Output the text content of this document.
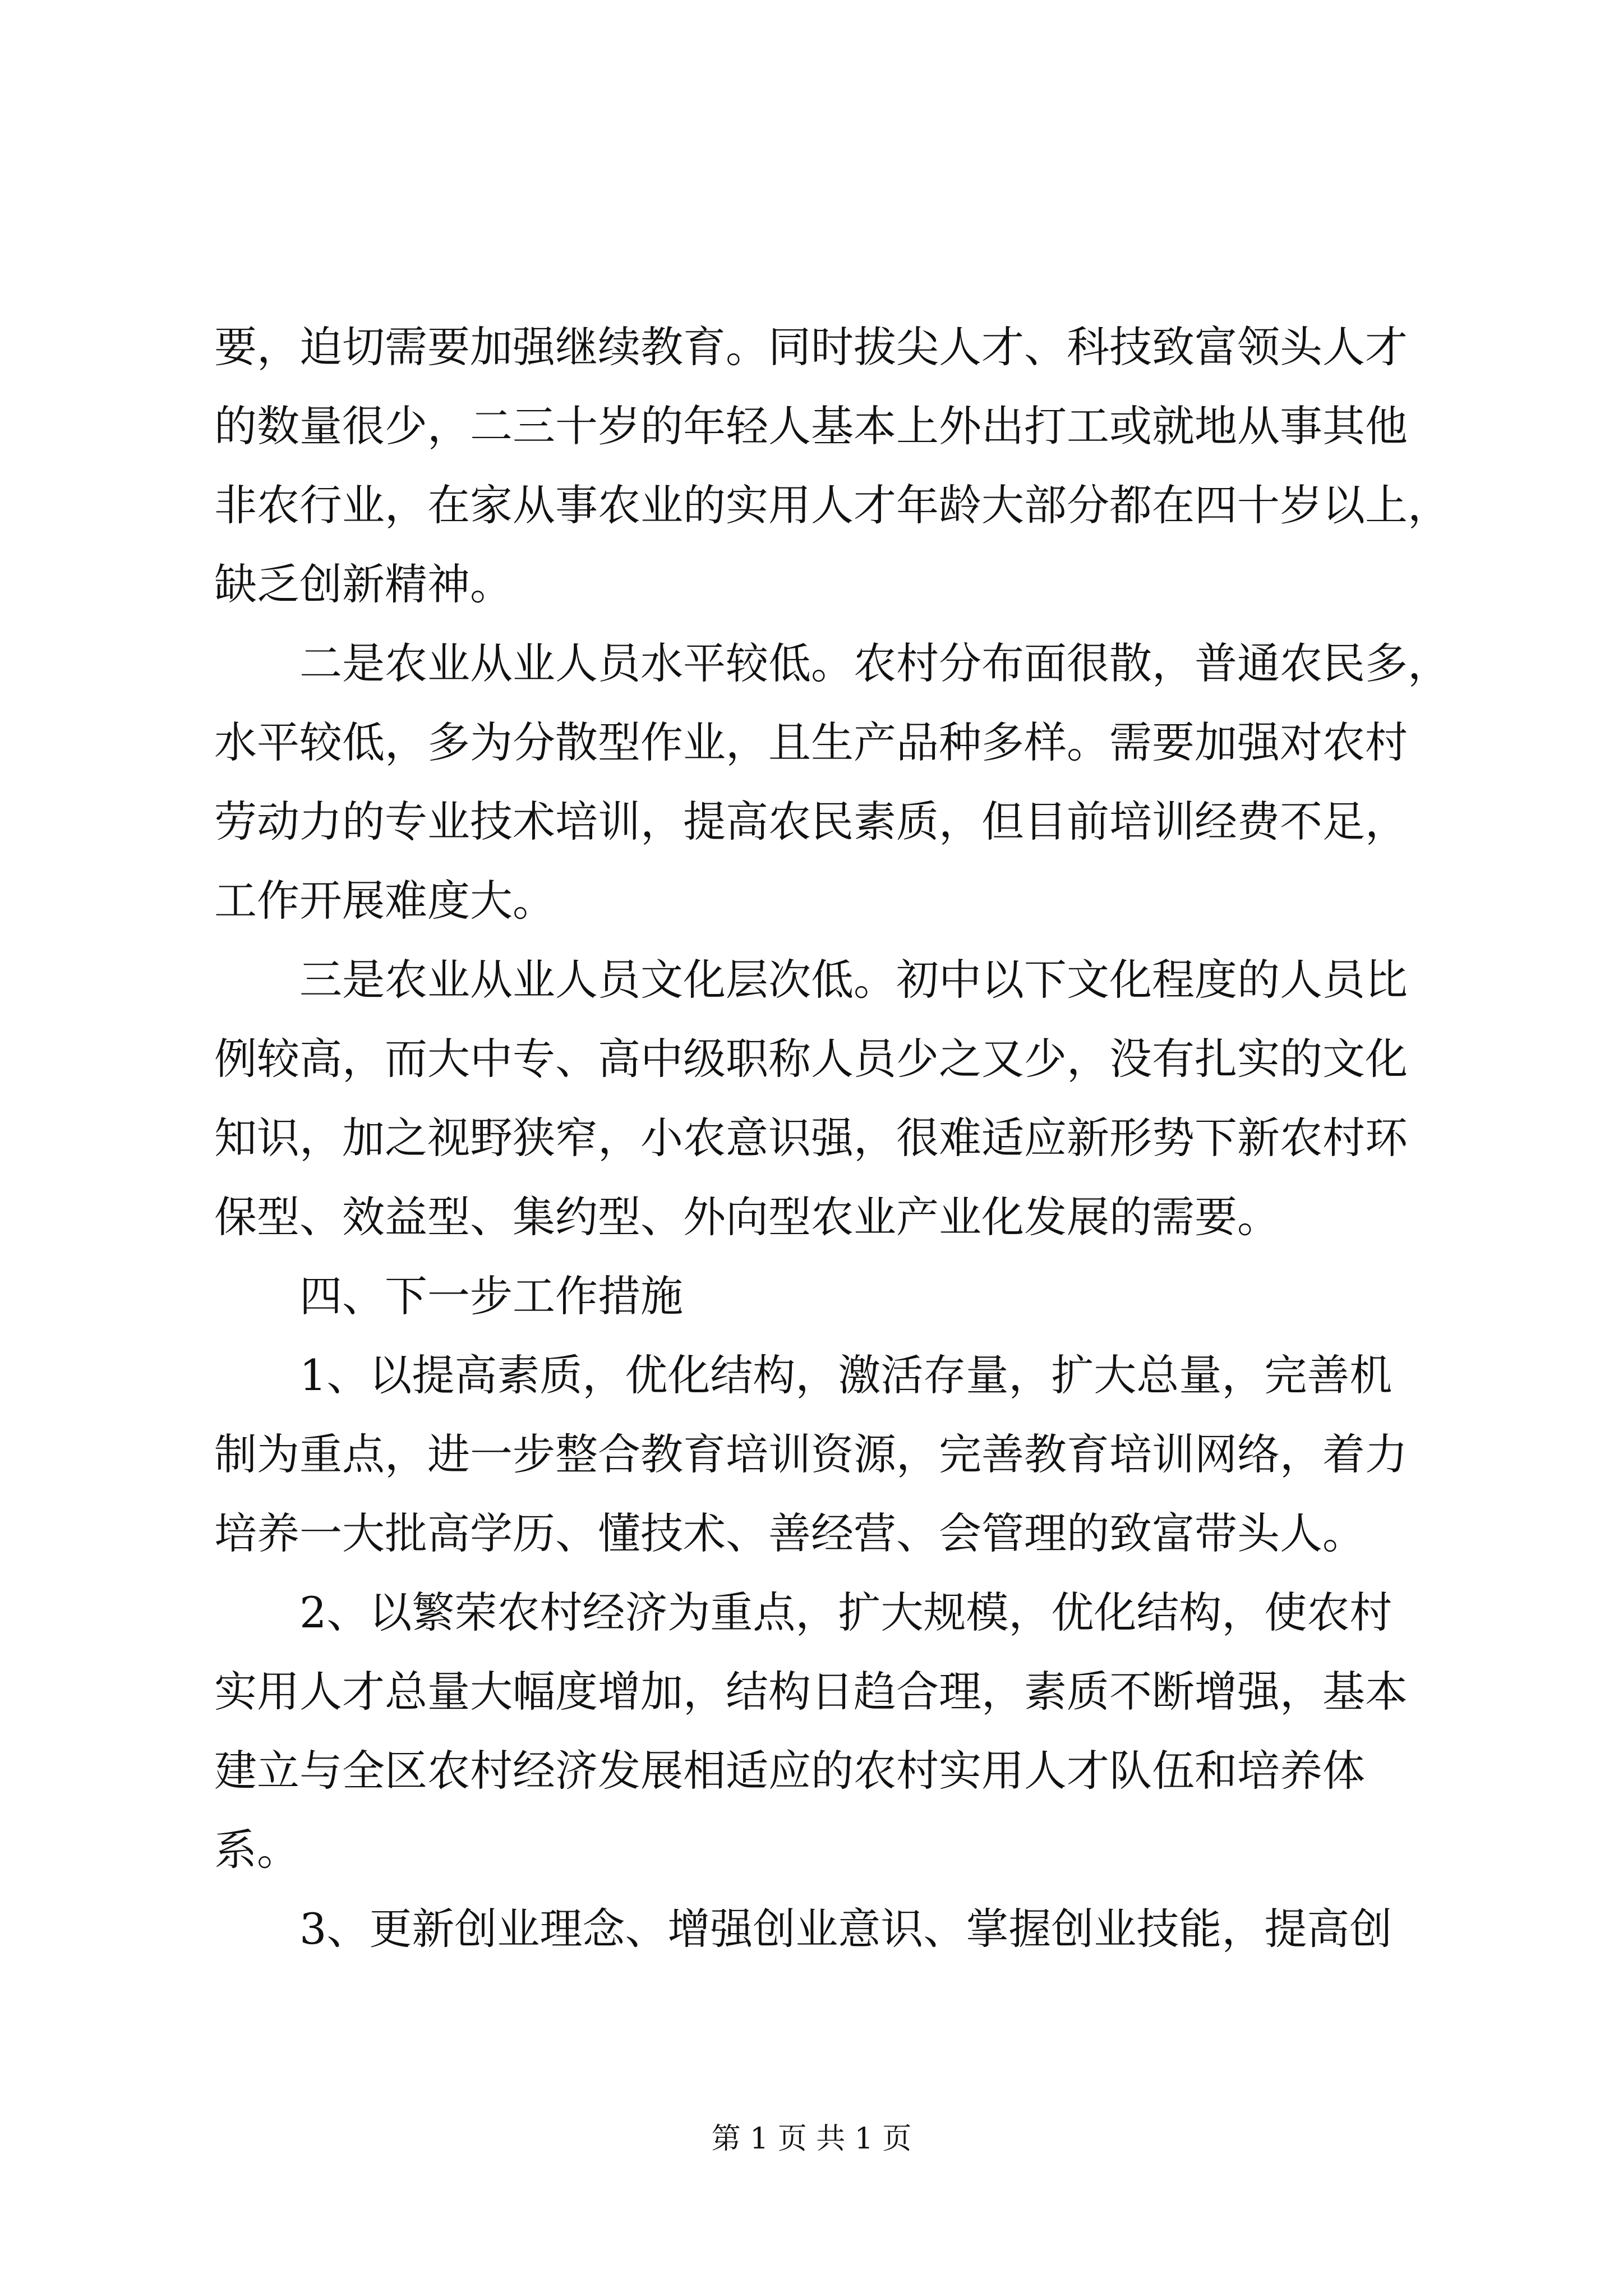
要，迫切需要加强继续教育。同时拔尖人才、科技致富领头人才
的数量很少，二三十岁的年轻人基本上外出打工或就地从事其他
非农行业，在家从事农业的实用人才年龄大部分都在四十岁以上，
缺乏创新精神。
二是农业从业人员水平较低。农村分布面很散，普通农民多，
水平较低，多为分散型作业，且生产品种多样。需要加强对农村
劳动力的专业技术培训，提高农民素质，但目前培训经费不足，
工作开展难度大。
三是农业从业人员文化层次低。初中以下文化程度的人员比
例较高，而大中专、高中级职称人员少之又少，没有扎实的文化
知识，加之视野狭窄，小农意识强，很难适应新形势下新农村环
保型、效益型、集约型、外向型农业产业化发展的需要。
四、下一步工作措施
1、以提高素质，优化结构，激活存量，扩大总量，完善机
制为重点，进一步整合教育培训资源，完善教育培训网络，着力
培养一大批高学历、懂技术、善经营、会管理的致富带头人。
2、以繁荣农村经济为重点，扩大规模，优化结构，使农村
实用人才总量大幅度增加，结构日趋合理，素质不断增强，基本
建立与全区农村经济发展相适应的农村实用人才队伍和培养体
系。
3、更新创业理念、增强创业意识、掌握创业技能，提高创
第 1 页 共 1 页
